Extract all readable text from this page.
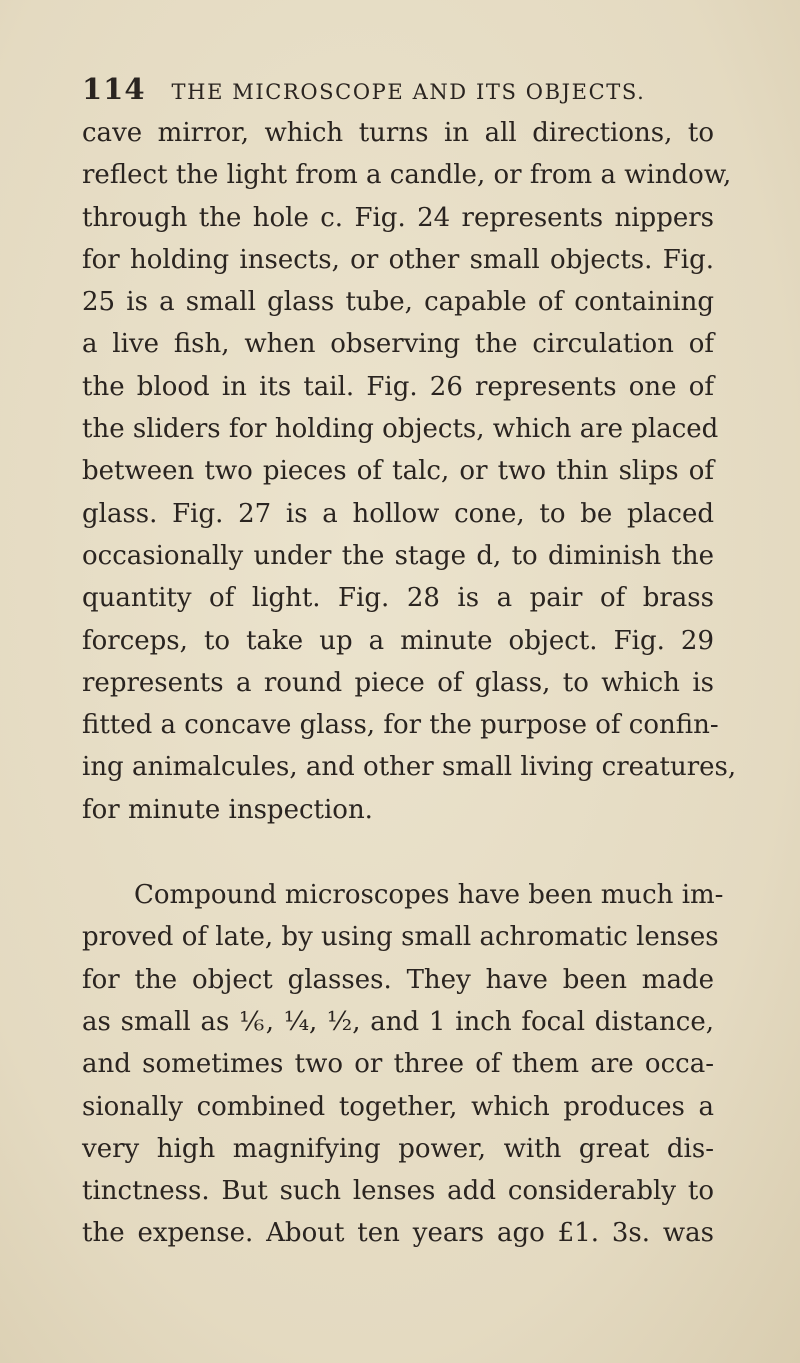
114 THE MICROSCOPE AND ITS OBJECTS.
cave mirror, which turns in all directions, to
reflect the light from a candle, or from a window,
through the hole c. Fig. 24 represents nippers
for holding insects, or other small objects. Fig.
25 is a small glass tube, capable of containing
a live fish, when observing the circulation of
the blood in its tail. Fig. 26 represents one of
the sliders for holding objects, which are placed
between two pieces of talc, or two thin slips of
glass. Fig. 27 is a hollow cone, to be placed
occasionally under the stage d, to diminish the
quantity of light. Fig. 28 is a pair of brass
forceps, to take up a minute object. Fig. 29
represents a round piece of glass, to which is
fitted a concave glass, for the purpose of confin-
ing animalcules, and other small living creatures,
for minute inspection.
Compound microscopes have been much im-
proved of late, by using small achromatic lenses
for the object glasses. They have been made
as small as ⅙, ¼, ½, and 1 inch focal distance,
and sometimes two or three of them are occa-
sionally combined together, which produces a
very high magnifying power, with great dis-
tinctness. But such lenses add considerably to
the expense. About ten years ago £1. 3s. was
